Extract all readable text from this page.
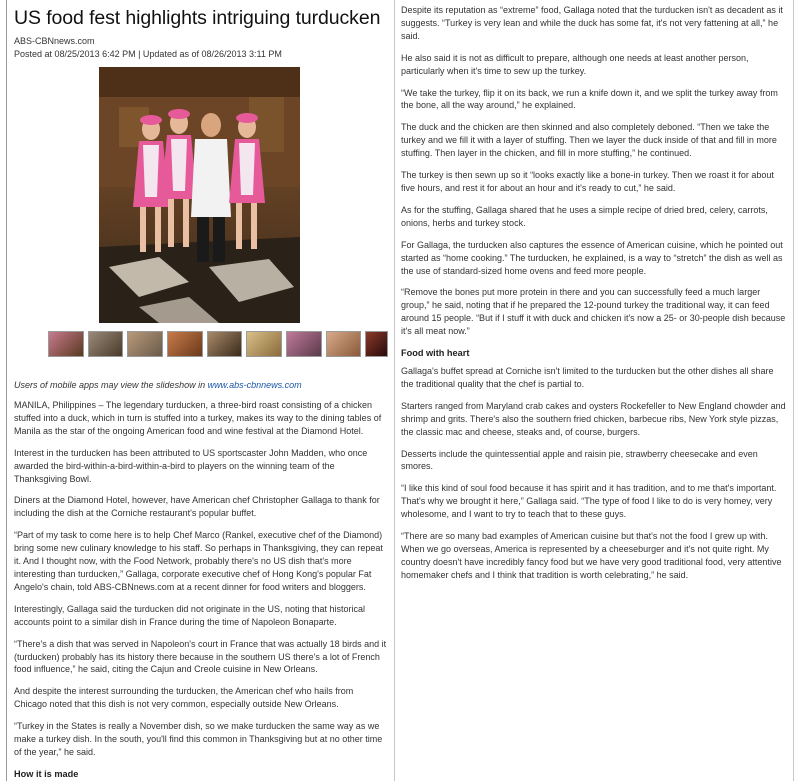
US food fest highlights intriguing turducken
ABS-CBNnews.com
Posted at 08/25/2013 6:42 PM | Updated as of 08/26/2013 3:11 PM
Users of mobile apps may view the slideshow in www.abs-cbnnews.com

MANILA, Philippines – The legendary turducken, a three-bird roast consisting of a chicken stuffed into a duck, which in turn is stuffed into a turkey, makes its way to the dining tables of Manila as the star of the ongoing American food and wine festival at the Diamond Hotel.

Interest in the turducken has been attributed to US sportscaster John Madden, who once awarded the bird-within-a-bird-within-a-bird to players on the winning team of the Thanksgiving Bowl.

Diners at the Diamond Hotel, however, have American chef Christopher Gallaga to thank for including the dish at the Corniche restaurant's popular buffet.

“Part of my task to come here is to help Chef Marco (Rankel, executive chef of the Diamond) bring some new culinary knowledge to his staff. So perhaps in Thanksgiving, they can repeat it. And I thought now, with the Food Network, probably there's no US dish that's more interesting than turducken,” Gallaga, corporate executive chef of Hong Kong's popular Fat Angelo's chain, told ABS-CBNnews.com at a recent dinner for food writers and bloggers.

Interestingly, Gallaga said the turducken did not originate in the US, noting that historical accounts point to a similar dish in France during the time of Napoleon Bonaparte.

“There's a dish that was served in Napoleon's court in France that was actually 18 birds and it (turducken) probably has its history there because in the southern US there's a lot of French food influence,” he said, citing the Cajun and Creole cuisine in New Orleans.

And despite the interest surrounding the turducken, the American chef who hails from Chicago noted that this dish is not very common, especially outside New Orleans.

“Turkey in the States is really a November dish, so we make turducken the same way as we make a turkey dish. In the south, you'll find this common in Thanksgiving but at no other time of the year,” he said.

How it is made

Despite its reputation as “extreme” food, Gallaga noted that the turducken isn't as decadent as it suggests. “Turkey is very lean and while the duck has some fat, it's not very fattening at all,” he said.

He also said it is not as difficult to prepare, although one needs at least another person, particularly when it's time to sew up the turkey.

“We take the turkey, flip it on its back, we run a knife down it, and we split the turkey away from the bone, all the way around,” he explained.

The duck and the chicken are then skinned and also completely deboned. “Then we take the turkey and we fill it with a layer of stuffing. Then we layer the duck inside of that and fill in more stuffing. Then layer in the chicken, and fill in more stuffing,” he continued.

The turkey is then sewn up so it “looks exactly like a bone-in turkey. Then we roast it for about five hours, and rest it for about an hour and it's ready to cut,” he said.

As for the stuffing, Gallaga shared that he uses a simple recipe of dried bred, celery, carrots, onions, herbs and turkey stock.

For Gallaga, the turducken also captures the essence of American cuisine, which he pointed out started as “home cooking.” The turducken, he explained, is a way to “stretch” the dish as well as the use of standard-sized home ovens and feed more people.

“Remove the bones put more protein in there and you can successfully feed a much larger group,” he said, noting that if he prepared the 12-pound turkey the traditional way, it can feed around 15 people. “But if I stuff it with duck and chicken it's now a 25- or 30-people dish because it's all meat now.”

Food with heart

Gallaga's buffet spread at Corniche isn't limited to the turducken but the other dishes all share the traditional quality that the chef is partial to.

Starters ranged from Maryland crab cakes and oysters Rockefeller to New England chowder and shrimp and grits. There's also the southern fried chicken, barbecue ribs, New York style pizzas, the classic mac and cheese, steaks and, of course, burgers.

Desserts include the quintessential apple and raisin pie, strawberry cheesecake and even smores.

“I like this kind of soul food because it has spirit and it has tradition, and to me that's important. That's why we brought it here,” Gallaga said. “The type of food I like to do is very homey, very wholesome, and I want to try to teach that to these guys.

“There are so many bad examples of American cuisine but that's not the food I grew up with. When we go overseas, America is represented by a cheeseburger and it's not quite right. My country doesn't have incredibly fancy food but we have very good traditional food, very attentive homemaker chefs and I think that tradition is worth celebrating,” he said.
